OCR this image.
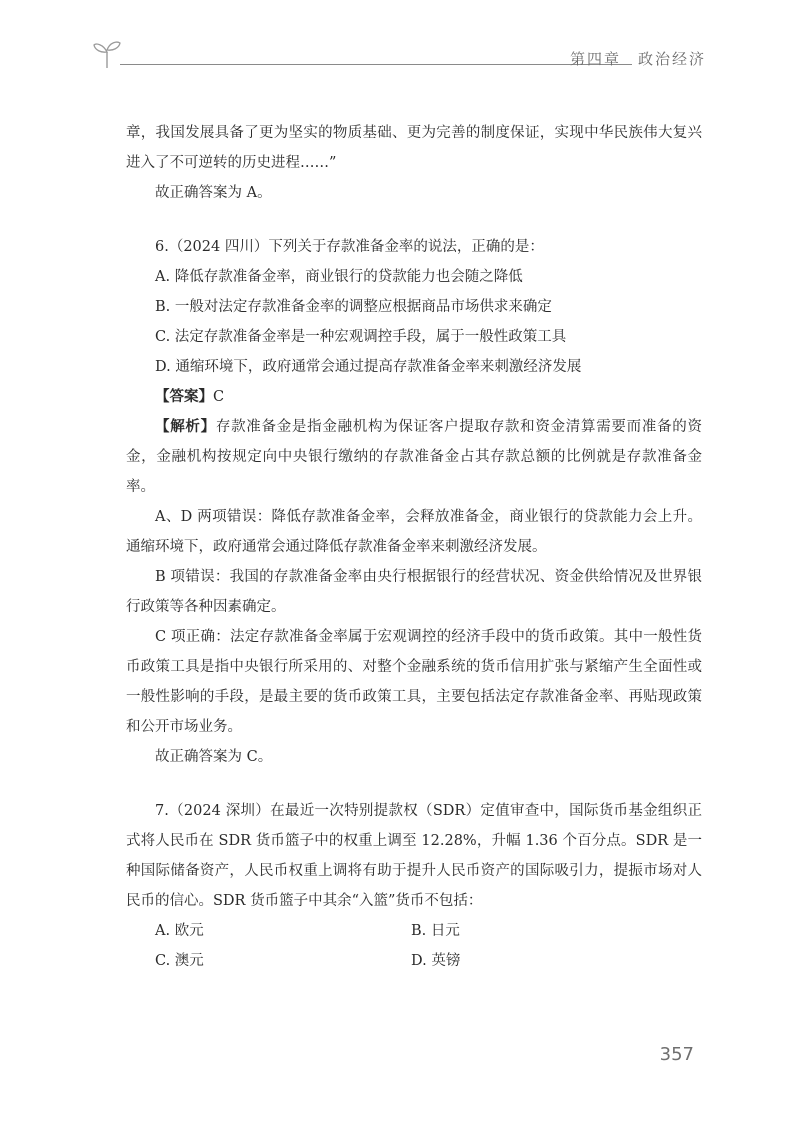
第四章　政治经济

章，我国发展具备了更为坚实的物质基础、更为完善的制度保证，实现中华民族伟大复兴进入了不可逆转的历史进程……”

故正确答案为 A。

6.（2024 四川）下列关于存款准备金率的说法，正确的是：

A. 降低存款准备金率，商业银行的贷款能力也会随之降低

B. 一般对法定存款准备金率的调整应根据商品市场供求来确定

C. 法定存款准备金率是一种宏观调控手段，属于一般性政策工具

D. 通缩环境下，政府通常会通过提高存款准备金率来刺激经济发展

【答案】C

【解析】存款准备金是指金融机构为保证客户提取存款和资金清算需要而准备的资金，金融机构按规定向中央银行缴纳的存款准备金占其存款总额的比例就是存款准备金率。

A、D 两项错误：降低存款准备金率，会释放准备金，商业银行的贷款能力会上升。通缩环境下，政府通常会通过降低存款准备金率来刺激经济发展。

B 项错误：我国的存款准备金率由央行根据银行的经营状况、资金供给情况及世界银行政策等各种因素确定。

C 项正确：法定存款准备金率属于宏观调控的经济手段中的货币政策。其中一般性货币政策工具是指中央银行所采用的、对整个金融系统的货币信用扩张与紧缩产生全面性或一般性影响的手段，是最主要的货币政策工具，主要包括法定存款准备金率、再贴现政策和公开市场业务。

故正确答案为 C。

7.（2024 深圳）在最近一次特别提款权（SDR）定值审查中，国际货币基金组织正式将人民币在 SDR 货币篮子中的权重上调至 12.28%，升幅 1.36 个百分点。SDR 是一种国际储备资产，人民币权重上调将有助于提升人民币资产的国际吸引力，提振市场对人民币的信心。SDR 货币篮子中其余“入篮”货币不包括：

A. 欧元	B. 日元

C. 澳元	D. 英镑

357
